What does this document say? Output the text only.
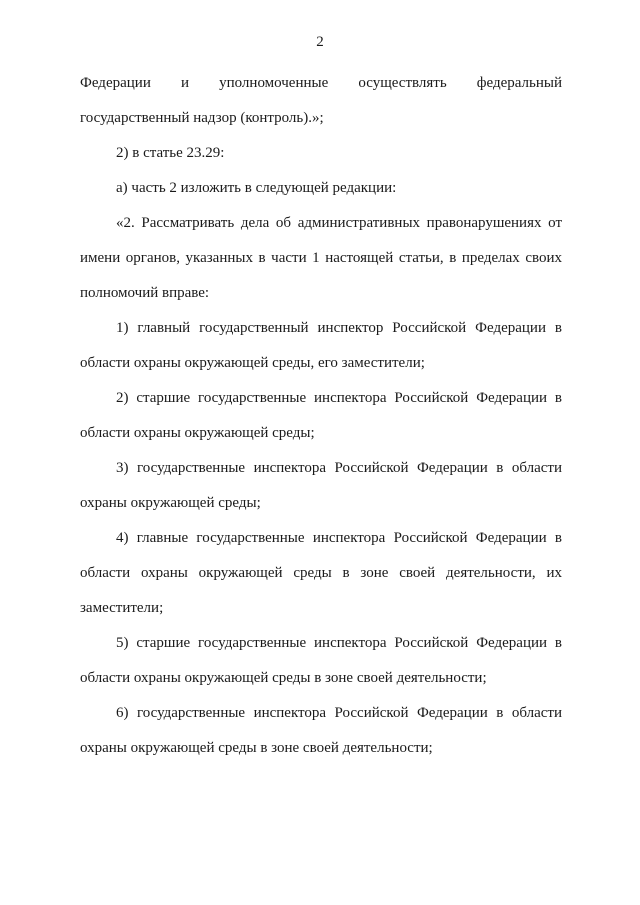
2

Федерации и уполномоченные осуществлять федеральный
государственный надзор (контроль).»;

2) в статье 23.29:

а) часть 2 изложить в следующей редакции:

«2. Рассматривать дела об административных правонарушениях от имени органов, указанных в части 1 настоящей статьи, в пределах своих полномочий вправе:

1) главный государственный инспектор Российской Федерации в области охраны окружающей среды, его заместители;

2) старшие государственные инспектора Российской Федерации в области охраны окружающей среды;

3) государственные инспектора Российской Федерации в области охраны окружающей среды;

4) главные государственные инспектора Российской Федерации в области охраны окружающей среды в зоне своей деятельности, их заместители;

5) старшие государственные инспектора Российской Федерации в области охраны окружающей среды в зоне своей деятельности;

6) государственные инспектора Российской Федерации в области охраны окружающей среды в зоне своей деятельности;
